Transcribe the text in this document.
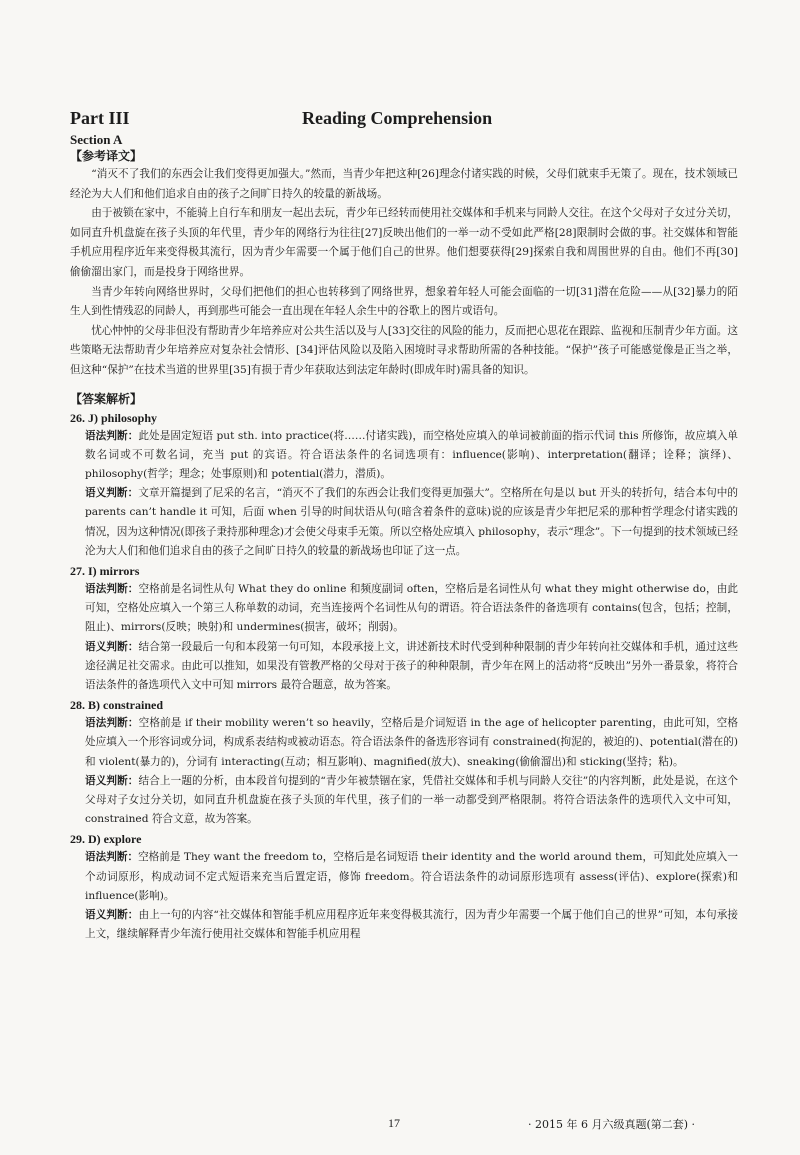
Part III	Reading Comprehension
Section A
【参考译文】

“消灭不了我们的东西会让我们变得更加强大。”然而，当青少年把这种[26]理念付诸实践的时候，父母们就束手无策了。现在，技术领域已经沦为大人们和他们追求自由的孩子之间旷日持久的较量的新战场。

由于被锁在家中，不能骑上自行车和朋友一起出去玩，青少年已经转而使用社交媒体和手机来与同龄人交往。在这个父母对子女过分关切，如同直升机盘旋在孩子头顶的年代里，青少年的网络行为往往[27]反映出他们的一举一动不受如此严格[28]限制时会做的事。社交媒体和智能手机应用程序近年来变得极其流行，因为青少年需要一个属于他们自己的世界。他们想要获得[29]探索自我和周围世界的自由。他们不再[30]偷偷溜出家门，而是投身于网络世界。

当青少年转向网络世界时，父母们把他们的担心也转移到了网络世界，想象着年轻人可能会面临的一切[31]潜在危险——从[32]暴力的陌生人到性情残忍的同龄人，再到那些可能会一直出现在年轻人余生中的谷歌上的图片或语句。

忧心忡忡的父母非但没有帮助青少年培养应对公共生活以及与人[33]交往的风险的能力，反而把心思花在跟踪、监视和压制青少年方面。这些策略无法帮助青少年培养应对复杂社会情形、[34]评估风险以及陷入困境时寻求帮助所需的各种技能。“保护”孩子可能感觉像是正当之举，但这种“保护”在技术当道的世界里[35]有损于青少年获取达到法定年龄时(即成年时)需具备的知识。

【答案解析】
26. J) philosophy

语法判断：此处是固定短语 put sth. into practice(将……付诸实践)，而空格处应填入的单词被前面的指示代词 this 所修饰，故应填入单数名词或不可数名词，充当 put 的宾语。符合语法条件的名词选项有：influence(影响)、interpretation(翻译；诠释；演绎)、philosophy(哲学；理念；处事原则)和 potential(潜力，潜质)。

语义判断：文章开篇提到了尼采的名言，“消灭不了我们的东西会让我们变得更加强大”。空格所在句是以 but 开头的转折句，结合本句中的 parents can’t handle it 可知，后面 when 引导的时间状语从句(暗含着条件的意味)说的应该是青少年把尼采的那种哲学理念付诸实践的情况，因为这种情况(即孩子秉持那种理念)才会使父母束手无策。所以空格处应填入 philosophy，表示“理念”。下一句提到的技术领域已经沦为大人们和他们追求自由的孩子之间旷日持久的较量的新战场也印证了这一点。

27. I) mirrors

语法判断：空格前是名词性从句 What they do online 和频度副词 often，空格后是名词性从句 what they might otherwise do，由此可知，空格处应填入一个第三人称单数的动词，充当连接两个名词性从句的谓语。符合语法条件的备选项有 contains(包含，包括；控制，阻止)、mirrors(反映；映射)和 undermines(损害，破坏；削弱)。

语义判断：结合第一段最后一句和本段第一句可知，本段承接上文，讲述新技术时代受到种种限制的青少年转向社交媒体和手机，通过这些途径满足社交需求。由此可以推知，如果没有管教严格的父母对于孩子的种种限制，青少年在网上的活动将“反映出”另外一番景象，将符合语法条件的备选项代入文中可知 mirrors 最符合题意，故为答案。

28. B) constrained

语法判断：空格前是 if their mobility weren’t so heavily，空格后是介词短语 in the age of helicopter parenting，由此可知，空格处应填入一个形容词或分词，构成系表结构或被动语态。符合语法条件的备选形容词有 constrained(拘泥的，被迫的)、potential(潜在的)和 violent(暴力的)，分词有 interacting(互动；相互影响)、magnified(放大)、sneaking(偷偷溜出)和 sticking(坚持；粘)。

语义判断：结合上一题的分析，由本段首句提到的“青少年被禁锢在家，凭借社交媒体和手机与同龄人交往”的内容判断，此处是说，在这个父母对子女过分关切，如同直升机盘旋在孩子头顶的年代里，孩子们的一举一动都受到严格限制。将符合语法条件的选项代入文中可知，constrained 符合文意，故为答案。

29. D) explore

语法判断：空格前是 They want the freedom to，空格后是名词短语 their identity and the world around them，可知此处应填入一个动词原形，构成动词不定式短语来充当后置定语，修饰 freedom。符合语法条件的动词原形选项有 assess(评估)、explore(探索)和 influence(影响)。

语义判断：由上一句的内容“社交媒体和智能手机应用程序近年来变得极其流行，因为青少年需要一个属于他们自己的世界”可知，本句承接上文，继续解释青少年流行使用社交媒体和智能手机应用程

17	· 2015 年 6 月六级真题(第二套) ·
